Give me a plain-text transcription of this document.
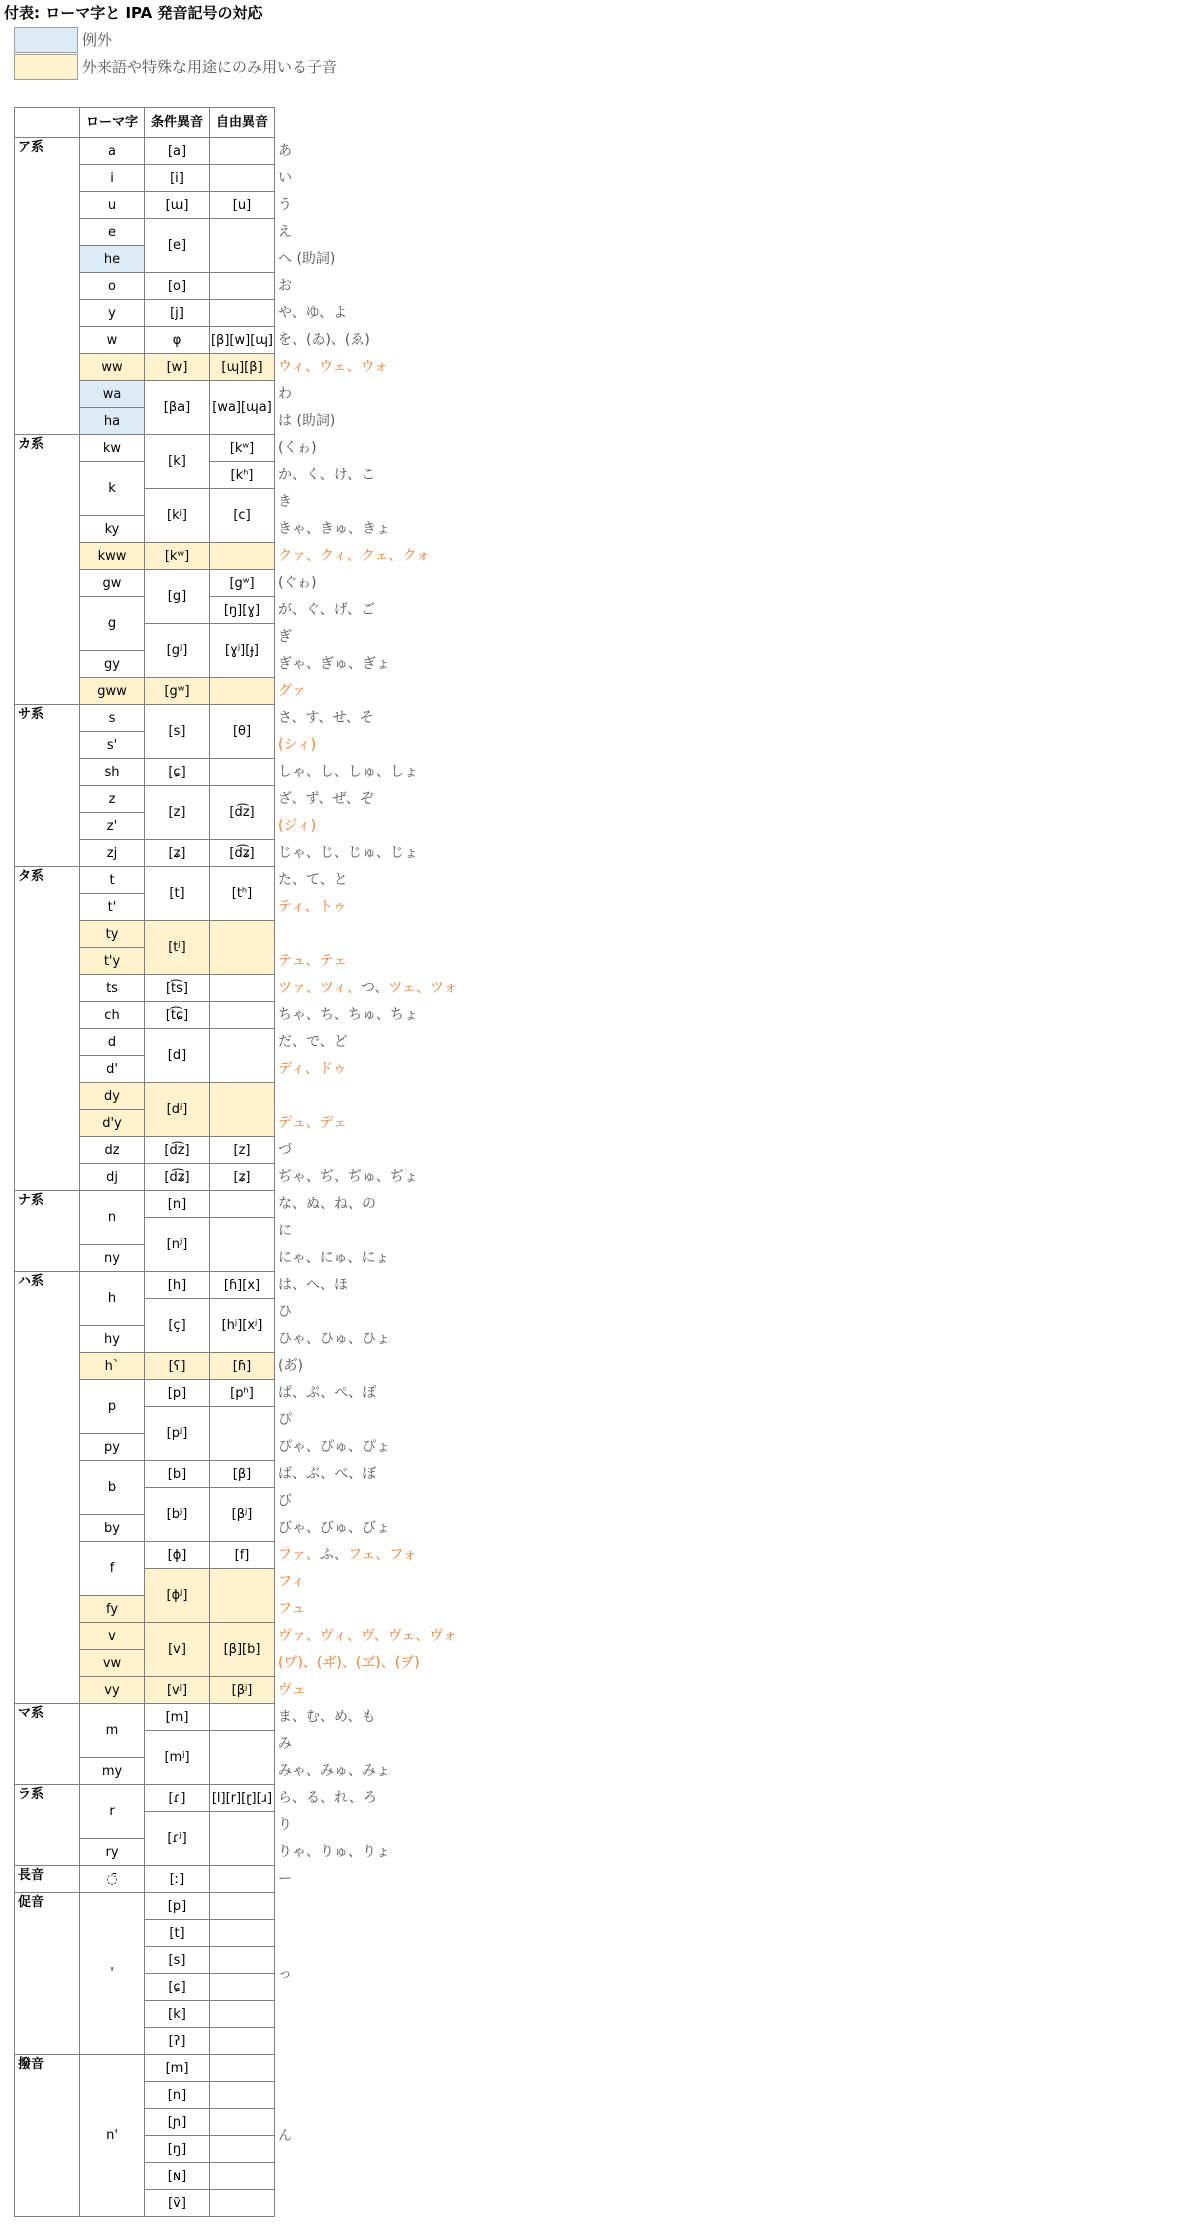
付表: ローマ字と IPA 発音記号の対応
例外
外来語や特殊な用途にのみ用いる子音
ローマ字 条件異音 自由異音
ア系
カ系
サ系
タ系
ナ系
ハ系
マ系
ラ系
長音
促音
撥音
a
i
u
e
he
o
y
w
ww
wa
ha
kw
k
ky
kww
gw
g
gy
gww
s
s'
sh
z
z'
zj
t
t'
ty
t'y
ts
ch
d
d'
dy
d'y
dz
dj
n
ny
h
hy
h`
p
py
b
by
f
fy
v
vw
vy
m
my
r
ry
◌̄
'
n'
[a]
[i]
[ɯ]
[e]
[o]
[j]
φ
[w]
[βa]
[k]
[kʲ]
[kʷ]
[g]
[gʲ]
[gʷ]
[s]
[ɕ]
[z]
[ʑ]
[t]
[tʲ]
[t͡s]
[t͡ɕ]
[d]
[dʲ]
[d͡z]
[d͡ʑ]
[n]
[nʲ]
[h]
[ç]
[ʕ]
[p]
[pʲ]
[b]
[bʲ]
[ɸ]
[ɸʲ]
[v]
[vʲ]
[m]
[mʲ]
[ɾ]
[ɾʲ]
[ː]
[p]
[t]
[s]
[ɕ]
[k]
[ʔ]
[m]
[n]
[ɲ]
[ŋ]
[ɴ]
[ṽ]
[u]
[β][w][ɰ]
[ɰ][β]
[wa][ɰa]
[kʷ]
[kʰ]
[c]
[gʷ]
[ŋ][ɣ]
[ɣʲ][ɟ]
[θ]
[d͡z]
[d͡ʑ]
[tʰ]
[z]
[ʑ]
[ɦ][x]
[hʲ][xʲ]
[ɦ]
[pʰ]
[β]
[βʲ]
[f]
[β][b]
[βʲ]
[l][r][ɽ][ɹ]
あ
い
う
え
へ (助詞)
お
や、ゆ、よ
を、(ゐ)、(ゑ)
ウィ、ウェ、ウォ
わ
は (助詞)
(くゎ)
か、く、け、こ
き
きゃ、きゅ、きょ
クァ、クィ、クェ、クォ
(ぐゎ)
が、ぐ、げ、ご
ぎ
ぎゃ、ぎゅ、ぎょ
グァ
さ、す、せ、そ
(シィ)
しゃ、し、しゅ、しょ
ざ、ず、ぜ、ぞ
(ジィ)
じゃ、じ、じゅ、じょ
た、て、と
ティ、トゥ
テュ、テェ
ツァ、ツィ、つ、ツェ、ツォ
ちゃ、ち、ちゅ、ちょ
だ、で、ど
ディ、ドゥ
デュ、デェ
づ
ぢゃ、ぢ、ぢゅ、ぢょ
な、ぬ、ね、の
に
にゃ、にゅ、にょ
は、へ、ほ
ひ
ひゃ、ひゅ、ひょ
(あ゙)
ぱ、ぷ、ぺ、ぽ
ぴ
ぴゃ、ぴゅ、ぴょ
ば、ぶ、べ、ぼ
び
びゃ、びゅ、びょ
ファ、ふ、フェ、フォ
フィ
フュ
ヴァ、ヴィ、ヴ、ヴェ、ヴォ
(ヷ)、(ヸ)、(ヹ)、(ヺ)
ヴュ
ま、む、め、も
み
みゃ、みゅ、みょ
ら、る、れ、ろ
り
りゃ、りゅ、りょ
ー
っ
ん
